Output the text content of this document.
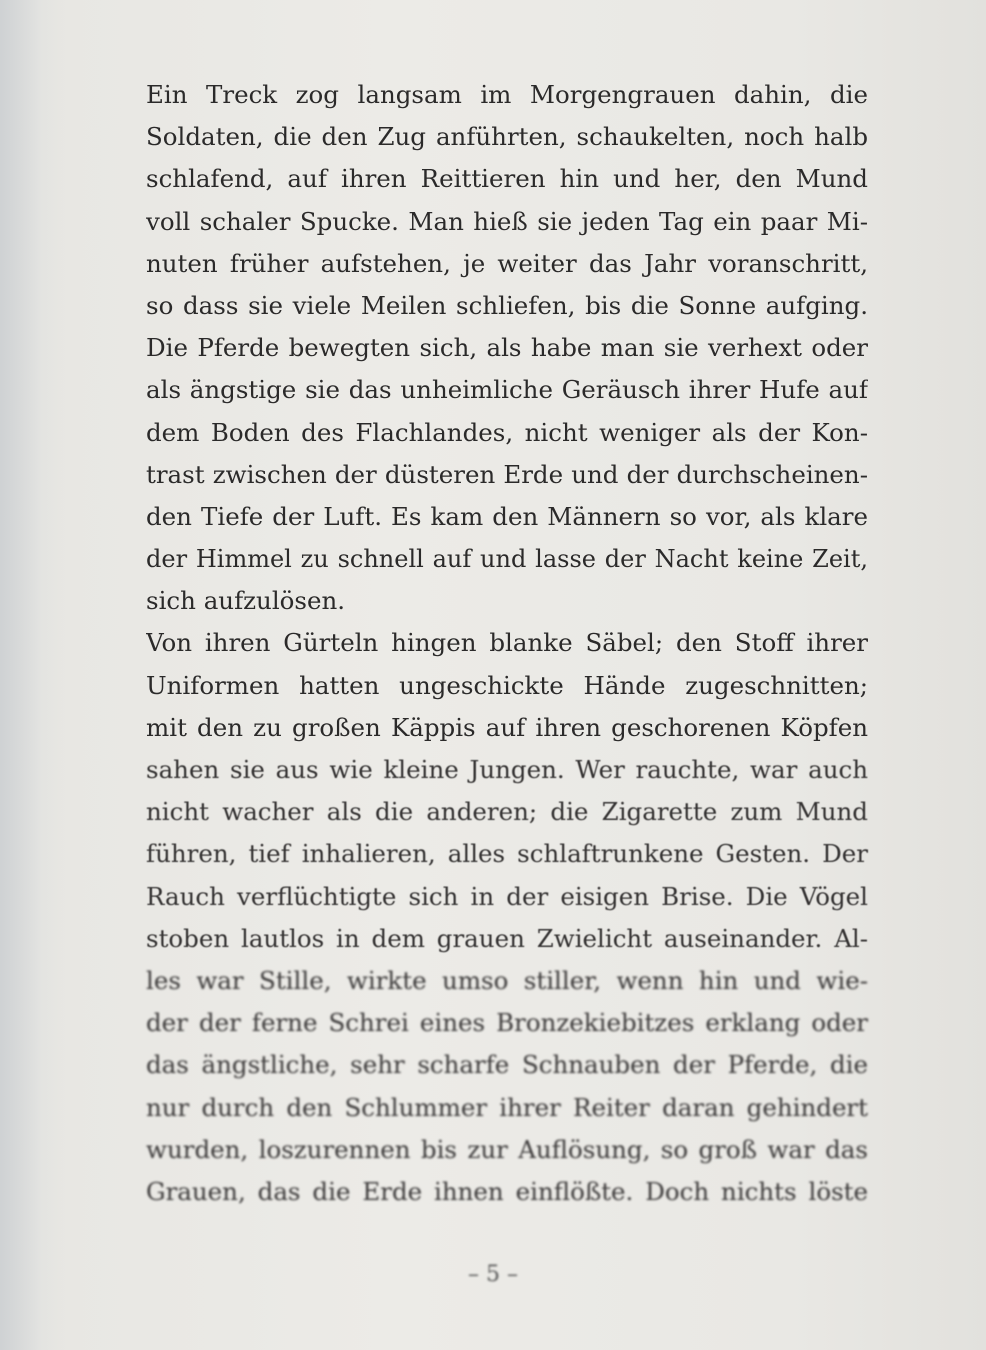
Ein Treck zog langsam im Morgengrauen dahin, die
Soldaten, die den Zug anführten, schaukelten, noch halb
schlafend, auf ihren Reittieren hin und her, den Mund
voll schaler Spucke. Man hieß sie jeden Tag ein paar Mi-
nuten früher aufstehen, je weiter das Jahr voranschritt,
so dass sie viele Meilen schliefen, bis die Sonne aufging.
Die Pferde bewegten sich, als habe man sie verhext oder
als ängstige sie das unheimliche Geräusch ihrer Hufe auf
dem Boden des Flachlandes, nicht weniger als der Kon-
trast zwischen der düsteren Erde und der durchscheinen-
den Tiefe der Luft. Es kam den Männern so vor, als klare
der Himmel zu schnell auf und lasse der Nacht keine Zeit,
sich aufzulösen.
Von ihren Gürteln hingen blanke Säbel; den Stoff ihrer
Uniformen hatten ungeschickte Hände zugeschnitten;
mit den zu großen Käppis auf ihren geschorenen Köpfen
sahen sie aus wie kleine Jungen. Wer rauchte, war auch
nicht wacher als die anderen; die Zigarette zum Mund
führen, tief inhalieren, alles schlaftrunkene Gesten. Der
Rauch verflüchtigte sich in der eisigen Brise. Die Vögel
stoben lautlos in dem grauen Zwielicht auseinander. Al-
les war Stille, wirkte umso stiller, wenn hin und wie-
der der ferne Schrei eines Bronzekiebitzes erklang oder
das ängstliche, sehr scharfe Schnauben der Pferde, die
nur durch den Schlummer ihrer Reiter daran gehindert
wurden, loszurennen bis zur Auflösung, so groß war das
Grauen, das die Erde ihnen einflößte. Doch nichts löste
– 5 –
